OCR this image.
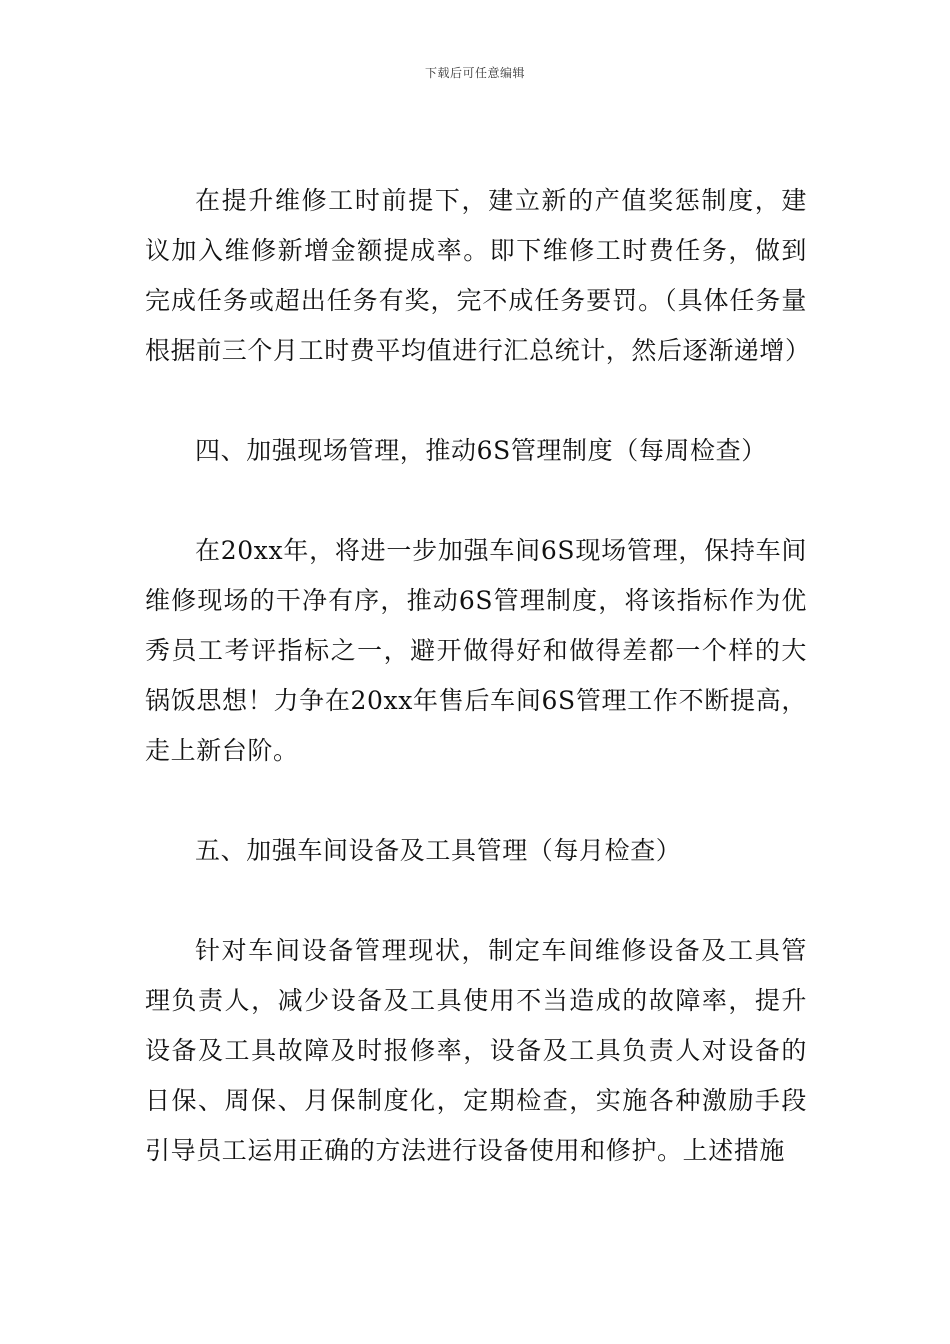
下载后可任意编辑

在提升维修工时前提下，建立新的产值奖惩制度，建议加入维修新增金额提成率。即下维修工时费任务，做到完成任务或超出任务有奖，完不成任务要罚。（具体任务量根据前三个月工时费平均值进行汇总统计，然后逐渐递增）

四、加强现场管理，推动6S管理制度（每周检查）

在20xx年，将进一步加强车间6S现场管理，保持车间维修现场的干净有序，推动6S管理制度，将该指标作为优秀员工考评指标之一，避开做得好和做得差都一个样的大锅饭思想！力争在20xx年售后车间6S管理工作不断提高，走上新台阶。

五、加强车间设备及工具管理（每月检查）

针对车间设备管理现状，制定车间维修设备及工具管理负责人，减少设备及工具使用不当造成的故障率，提升设备及工具故障及时报修率，设备及工具负责人对设备的日保、周保、月保制度化，定期检查，实施各种激励手段引导员工运用正确的方法进行设备使用和修护。上述措施
